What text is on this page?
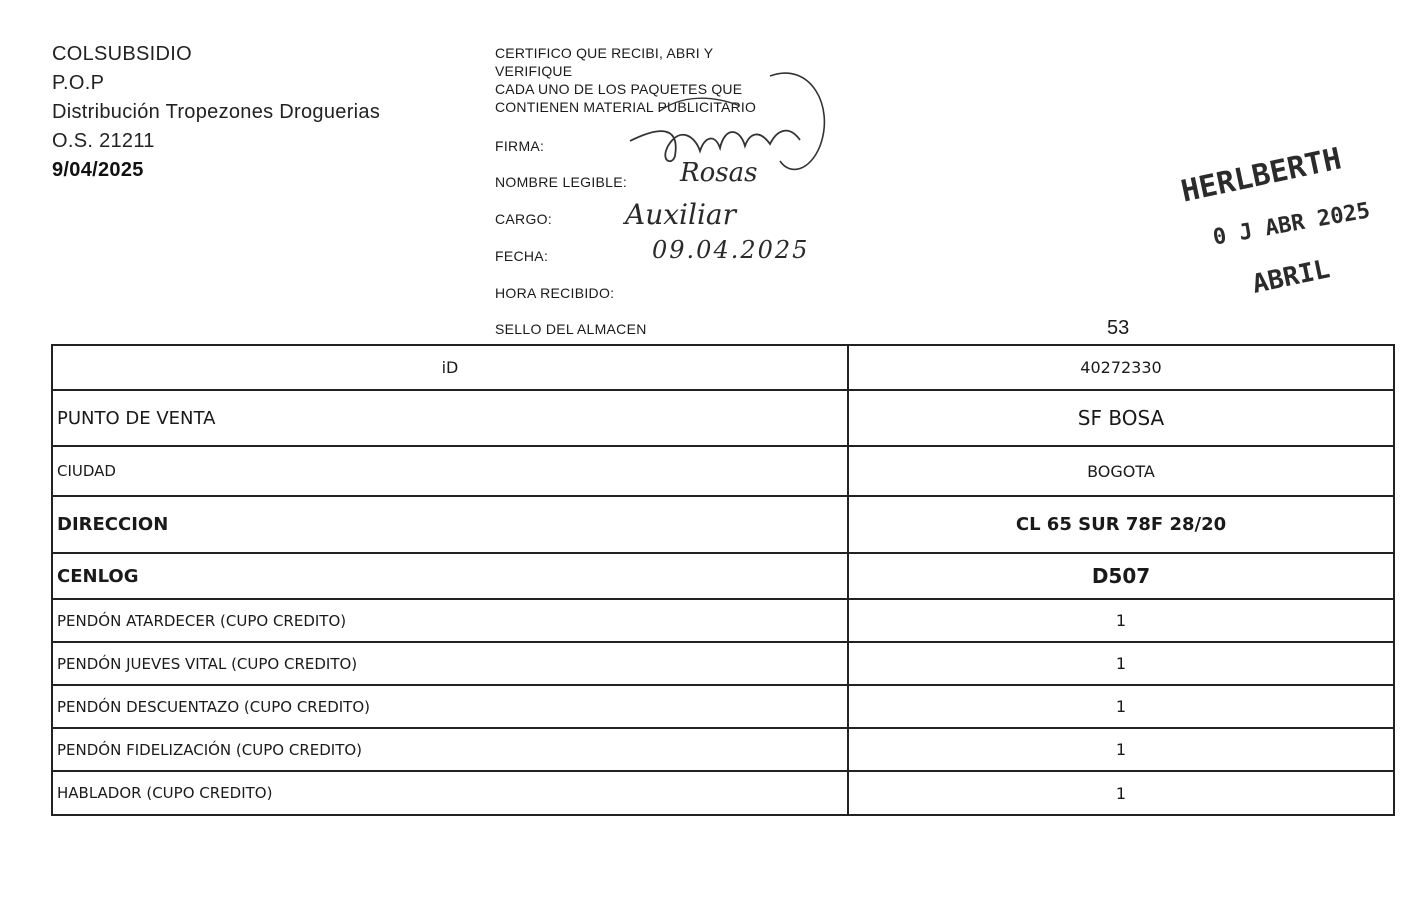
COLSUBSIDIO
P.O.P
Distribución Tropezones Droguerias
O.S. 21211
9/04/2025
CERTIFICO QUE RECIBI, ABRI Y
VERIFIQUE
CADA UNO DE LOS PAQUETES QUE
CONTIENEN MATERIAL PUBLICITARIO
FIRMA:
NOMBRE LEGIBLE:
CARGO:
FECHA:
HORA RECIBIDO:
SELLO DEL ALMACEN
Rosas
Auxiliar
09.04.2025
HERLBERTH
0 J ABR 2025
ABRIL
53
iD	40272330
PUNTO DE VENTA	SF BOSA
CIUDAD	BOGOTA
DIRECCION	CL 65 SUR 78F 28/20
CENLOG	D507
PENDÓN ATARDECER (CUPO CREDITO)	1
PENDÓN JUEVES VITAL (CUPO CREDITO)	1
PENDÓN DESCUENTAZO (CUPO CREDITO)	1
PENDÓN FIDELIZACIÓN (CUPO CREDITO)	1
HABLADOR (CUPO CREDITO)	1
